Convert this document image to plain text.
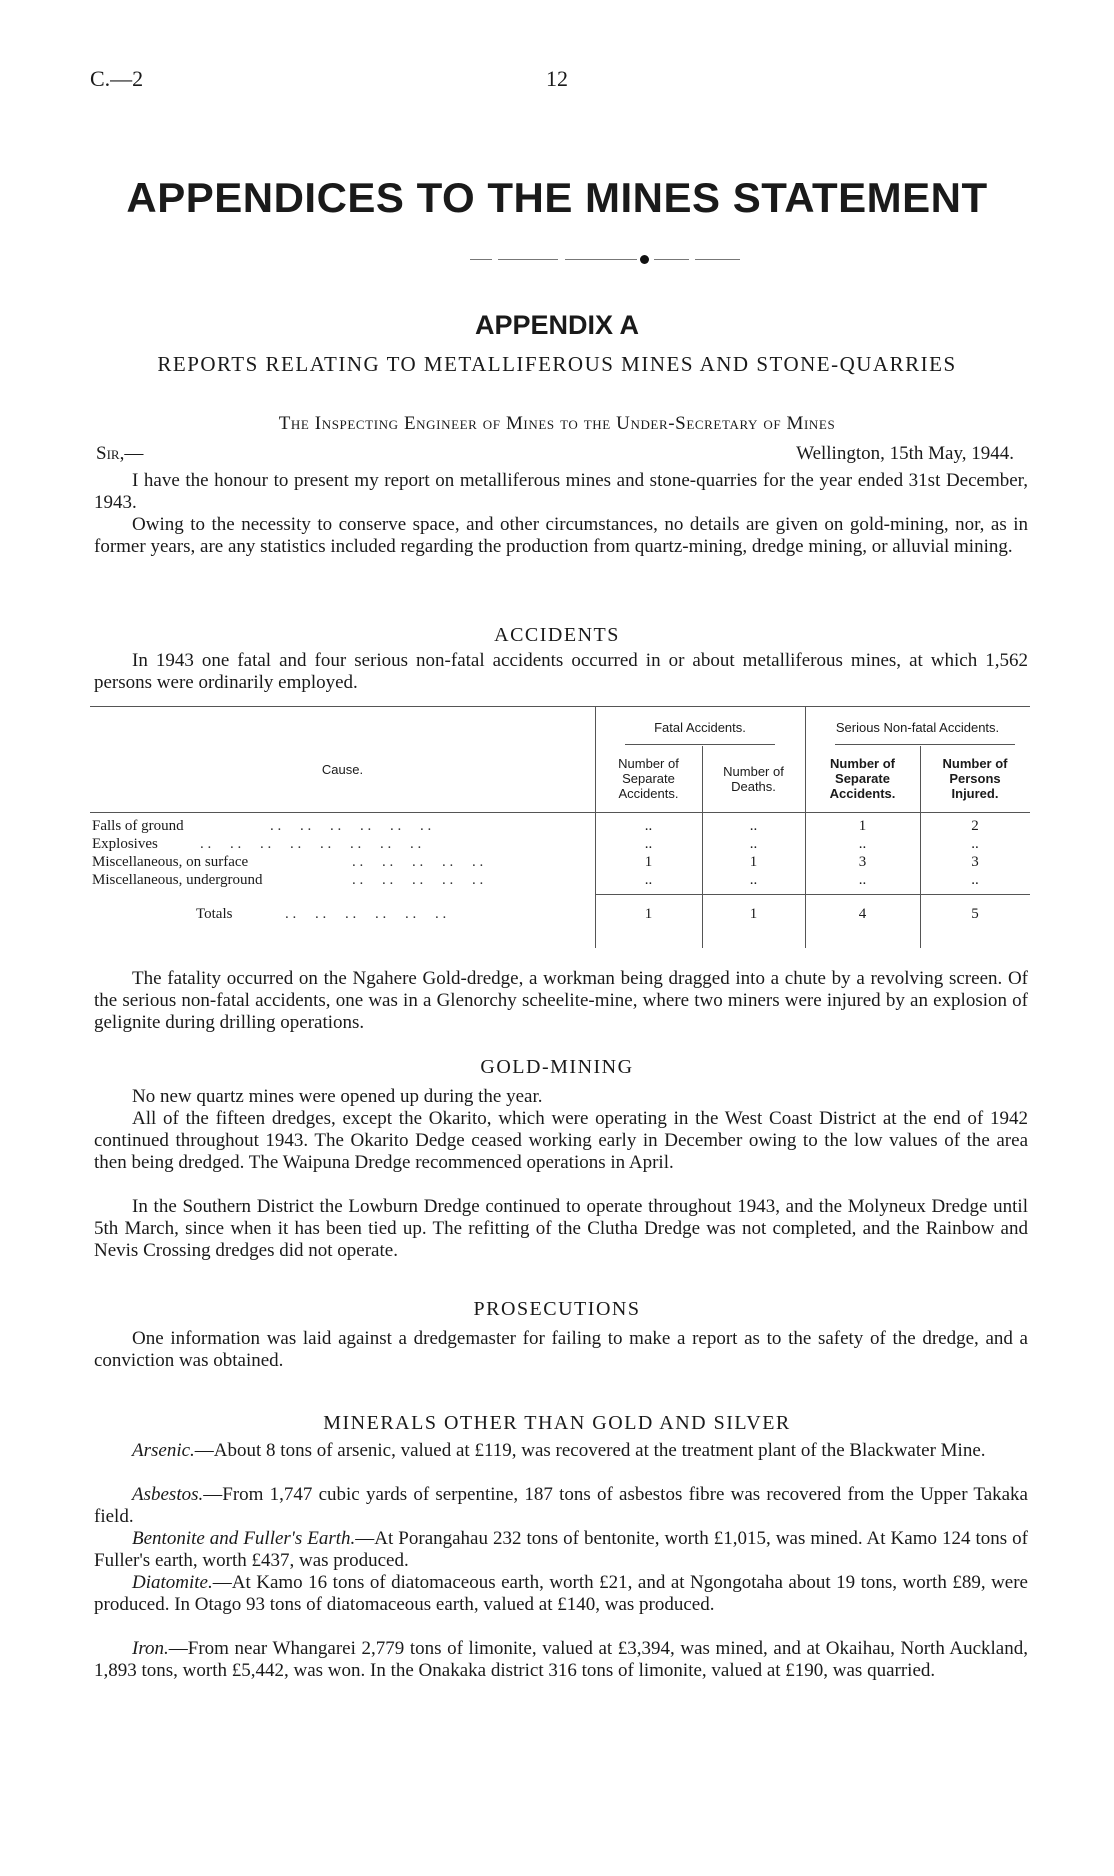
C.—2	12
APPENDICES TO THE MINES STATEMENT
APPENDIX A
REPORTS RELATING TO METALLIFEROUS MINES AND STONE-QUARRIES
The Inspecting Engineer of Mines to the Under-Secretary of Mines
Sir,—	Wellington, 15th May, 1944.
I have the honour to present my report on metalliferous mines and stone-quarries for the year ended 31st December, 1943.
Owing to the necessity to conserve space, and other circumstances, no details are given on gold-mining, nor, as in former years, are any statistics included regarding the production from quartz-mining, dredge mining, or alluvial mining.
ACCIDENTS
In 1943 one fatal and four serious non-fatal accidents occurred in or about metalliferous mines, at which 1,562 persons were ordinarily employed.
Fatal Accidents.	Serious Non-fatal Accidents.
Cause.	Number of
Separate
Accidents.
Number of
Deaths.
Number of
Separate
Accidents.
Number of
Persons
Injured.
Falls of ground	. .     . .     . .     . .     . .     . .	..	..	1	2
Explosives	. .     . .     . .     . .     . .     . .     . .     . .	..	..	..	..
Miscellaneous, on surface	. .     . .     . .     . .     . .	1	1	3	3
Miscellaneous, underground	. .     . .     . .     . .     . .	..	..	..	..
Totals	. .     . .     . .     . .     . .     . .	1	1	4	5
The fatality occurred on the Ngahere Gold-dredge, a workman being dragged into a chute by a revolving screen. Of the serious non-fatal accidents, one was in a Glenorchy scheelite-mine, where two miners were injured by an explosion of gelignite during drilling operations.
GOLD-MINING
No new quartz mines were opened up during the year.
All of the fifteen dredges, except the Okarito, which were operating in the West Coast District at the end of 1942 continued throughout 1943. The Okarito Dedge ceased working early in December owing to the low values of the area then being dredged. The Waipuna Dredge recommenced operations in April.
In the Southern District the Lowburn Dredge continued to operate throughout 1943, and the Molyneux Dredge until 5th March, since when it has been tied up. The refitting of the Clutha Dredge was not completed, and the Rainbow and Nevis Crossing dredges did not operate.
PROSECUTIONS
One information was laid against a dredgemaster for failing to make a report as to the safety of the dredge, and a conviction was obtained.
MINERALS OTHER THAN GOLD AND SILVER
Arsenic.—About 8 tons of arsenic, valued at £119, was recovered at the treatment plant of the Blackwater Mine.
Asbestos.—From 1,747 cubic yards of serpentine, 187 tons of asbestos fibre was recovered from the Upper Takaka field.
Bentonite and Fuller's Earth.—At Porangahau 232 tons of bentonite, worth £1,015, was mined. At Kamo 124 tons of Fuller's earth, worth £437, was produced.
Diatomite.—At Kamo 16 tons of diatomaceous earth, worth £21, and at Ngongotaha about 19 tons, worth £89, were produced. In Otago 93 tons of diatomaceous earth, valued at £140, was produced.
Iron.—From near Whangarei 2,779 tons of limonite, valued at £3,394, was mined, and at Okaihau, North Auckland, 1,893 tons, worth £5,442, was won. In the Onakaka district 316 tons of limonite, valued at £190, was quarried.
